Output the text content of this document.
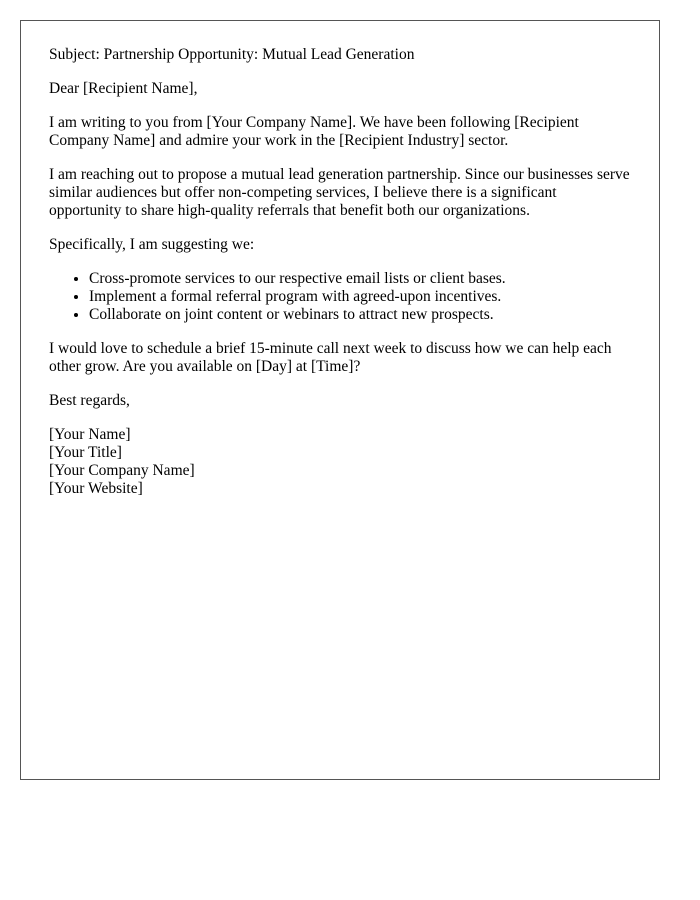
Subject: Partnership Opportunity: Mutual Lead Generation

Dear [Recipient Name],

I am writing to you from [Your Company Name]. We have been following [Recipient Company Name] and admire your work in the [Recipient Industry] sector.

I am reaching out to propose a mutual lead generation partnership. Since our businesses serve similar audiences but offer non-competing services, I believe there is a significant opportunity to share high-quality referrals that benefit both our organizations.

Specifically, I am suggesting we:

• Cross-promote services to our respective email lists or client bases.
• Implement a formal referral program with agreed-upon incentives.
• Collaborate on joint content or webinars to attract new prospects.

I would love to schedule a brief 15-minute call next week to discuss how we can help each other grow. Are you available on [Day] at [Time]?

Best regards,

[Your Name]
[Your Title]
[Your Company Name]
[Your Website]
